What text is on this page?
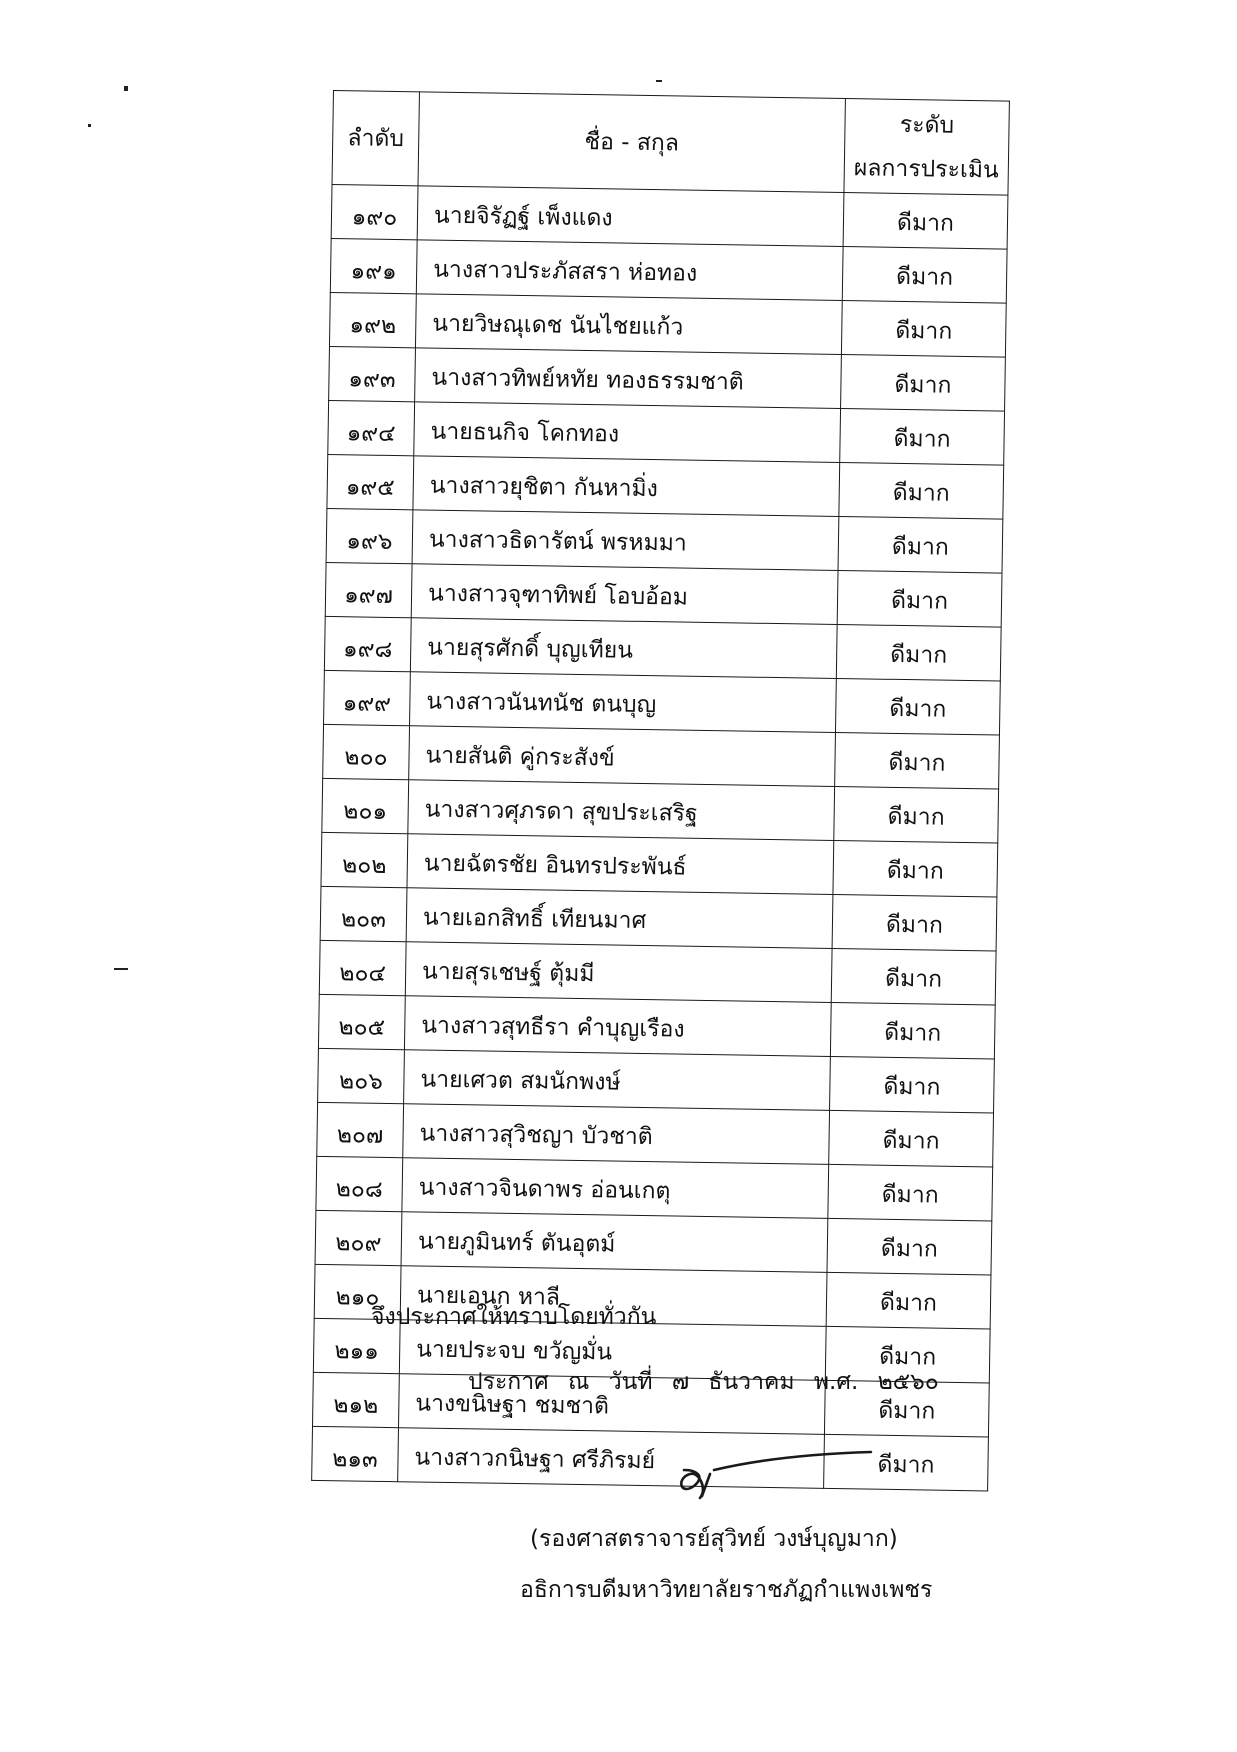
ลำดับ	ชื่อ - สกุล	ระดับ
ผลการประเมิน

๑๙๐	นายจิรัฏฐ์ เพ็งแดง	ดีมาก
๑๙๑	นางสาวประภัสสรา ห่อทอง	ดีมาก
๑๙๒	นายวิษณุเดช นันไชยแก้ว	ดีมาก
๑๙๓	นางสาวทิพย์หทัย ทองธรรมชาติ	ดีมาก
๑๙๔	นายธนกิจ โคกทอง	ดีมาก
๑๙๕	นางสาวยุชิตา กันหามิ่ง	ดีมาก
๑๙๖	นางสาวธิดารัตน์ พรหมมา	ดีมาก
๑๙๗	นางสาวจุฑาทิพย์ โอบอ้อม	ดีมาก
๑๙๘	นายสุรศักดิ์ บุญเทียน	ดีมาก
๑๙๙	นางสาวนันทนัช ตนบุญ	ดีมาก
๒๐๐	นายสันติ คู่กระสังข์	ดีมาก
๒๐๑	นางสาวศุภรดา สุขประเสริฐ	ดีมาก
๒๐๒	นายฉัตรชัย อินทรประพันธ์	ดีมาก
๒๐๓	นายเอกสิทธิ์ เทียนมาศ	ดีมาก
๒๐๔	นายสุรเชษฐ์ ตุ้มมี	ดีมาก
๒๐๕	นางสาวสุทธีรา คำบุญเรือง	ดีมาก
๒๐๖	นายเศวต สมนักพงษ์	ดีมาก
๒๐๗	นางสาวสุวิชญา บัวชาติ	ดีมาก
๒๐๘	นางสาวจินดาพร อ่อนเกตุ	ดีมาก
๒๐๙	นายภูมินทร์ ตันอุตม์	ดีมาก
๒๑๐	นายเอนก หาลี	ดีมาก
๒๑๑	นายประจบ ขวัญมั่น	ดีมาก
๒๑๒	นางขนิษฐา ชมชาติ	ดีมาก
๒๑๓	นางสาวกนิษฐา ศรีภิรมย์	ดีมาก
จึงประกาศให้ทราบโดยทั่วกัน
ประกาศ ณ วันที่ ๗ ธันวาคม พ.ศ. ๒๕๖๐
(รองศาสตราจารย์สุวิทย์ วงษ์บุญมาก)
อธิการบดีมหาวิทยาลัยราชภัฏกำแพงเพชร
